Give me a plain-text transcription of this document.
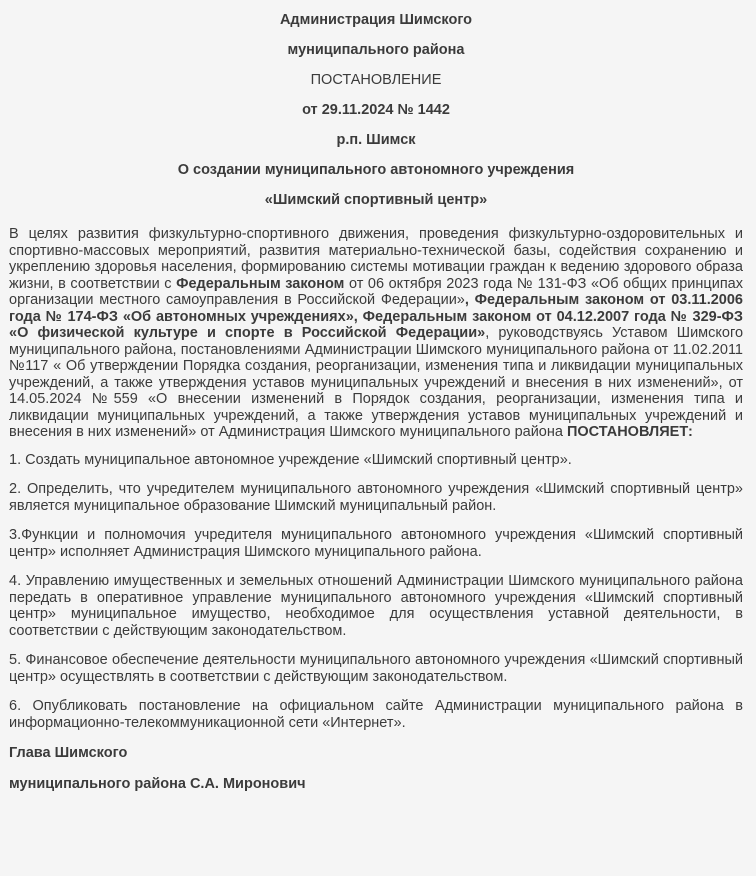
Администрация Шимского
муниципального района
ПОСТАНОВЛЕНИЕ
от 29.11.2024 № 1442
р.п. Шимск
О создании муниципального автономного учреждения
«Шимский спортивный центр»

В целях развития физкультурно-спортивного движения, проведения физкультурно-оздоровительных и спортивно-массовых мероприятий, развития материально-технической базы, содействия сохранению и укреплению здоровья населения, формированию системы мотивации граждан к ведению здорового образа жизни, в соответствии с Федеральным законом от 06 октября 2023 года № 131-ФЗ «Об общих принципах организации местного самоуправления в Российской Федерации», Федеральным законом от 03.11.2006 года № 174-ФЗ «Об автономных учреждениях», Федеральным законом от 04.12.2007 года № 329-ФЗ «О физической культуре и спорте в Российской Федерации», руководствуясь Уставом Шимского муниципального района, постановлениями Администрации Шимского муниципального района от 11.02.2011 №117 « Об утверждении Порядка создания, реорганизации, изменения типа и ликвидации муниципальных учреждений, а также утверждения уставов муниципальных учреждений и внесения в них изменений», от 14.05.2024 №559 «О внесении изменений в Порядок создания, реорганизации, изменения типа и ликвидации муниципальных учреждений, а также утверждения уставов муниципальных учреждений и внесения в них изменений» от Администрация Шимского муниципального района ПОСТАНОВЛЯЕТ:

1. Создать муниципальное автономное учреждение «Шимский спортивный центр».

2. Определить, что учредителем муниципального автономного учреждения «Шимский спортивный центр» является муниципальное образование Шимский муниципальный район.

3.Функции и полномочия учредителя муниципального автономного учреждения «Шимский спортивный центр» исполняет Администрация Шимского муниципального района.

4. Управлению имущественных и земельных отношений Администрации Шимского муниципального района передать в оперативное управление муниципального автономного учреждения «Шимский спортивный центр» муниципальное имущество, необходимое для осуществления уставной деятельности, в соответствии с действующим законодательством.

5. Финансовое обеспечение деятельности муниципального автономного учреждения «Шимский спортивный центр» осуществлять в соответствии с действующим законодательством.

6. Опубликовать постановление на официальном сайте Администрации муниципального района в информационно-телекоммуникационной сети «Интернет».

Глава Шимского
муниципального района С.А. Миронович
